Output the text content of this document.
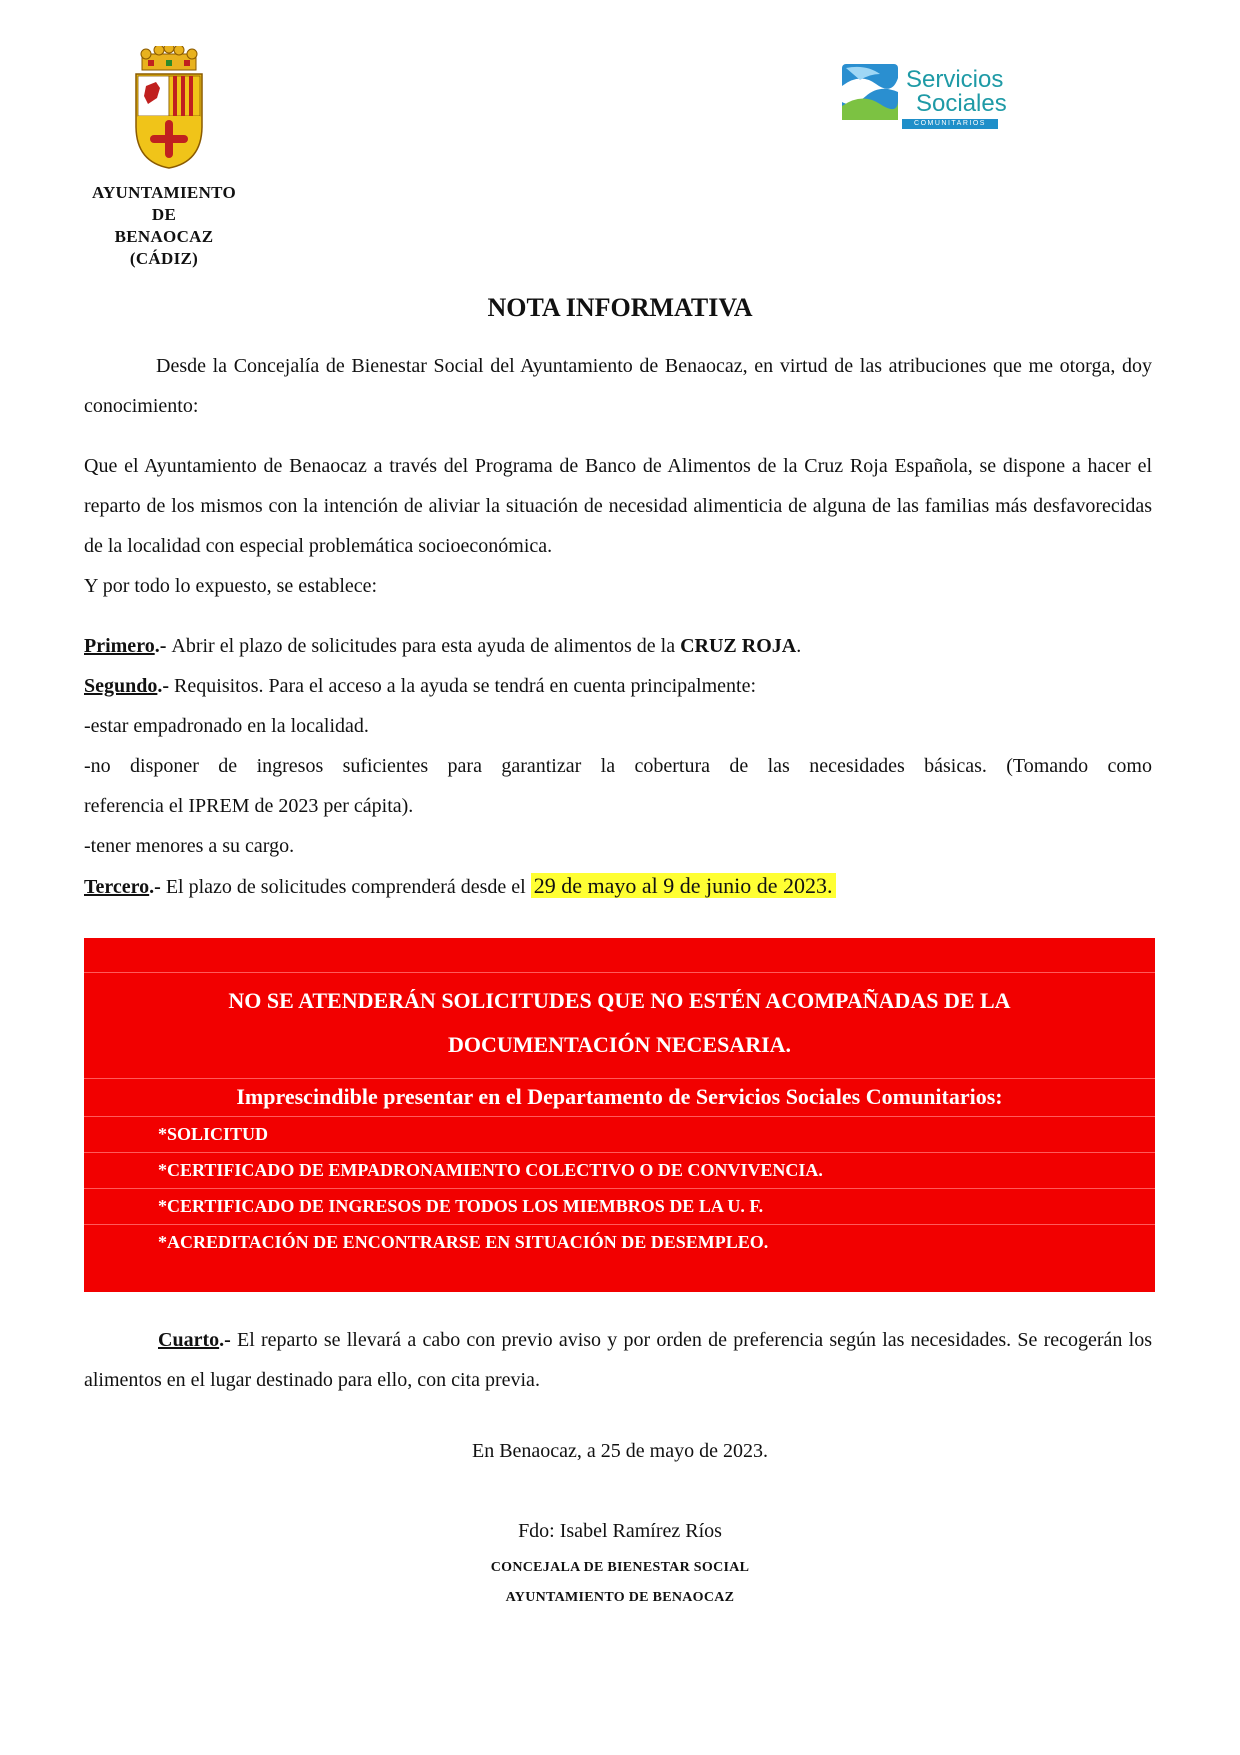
AYUNTAMIENTO
DE
BENAOCAZ
(CÁDIZ)
Servicios
Sociales
COMUNITARIOS
NOTA INFORMATIVA
Desde la Concejalía de Bienestar Social del Ayuntamiento de Benaocaz, en virtud de las atribuciones que me otorga, doy conocimiento:
Que el Ayuntamiento de Benaocaz a través del Programa de Banco de Alimentos de la Cruz Roja Española, se dispone a hacer el reparto de los mismos con la intención de aliviar la situación de necesidad alimenticia de alguna de las familias más desfavorecidas de la localidad con especial problemática socioeconómica.
Y por todo lo expuesto, se establece:
Primero.- Abrir el plazo de solicitudes para esta ayuda de alimentos de la CRUZ ROJA.
Segundo.- Requisitos. Para el acceso a la ayuda se tendrá en cuenta principalmente:
-estar empadronado en la localidad.
-no disponer de ingresos suficientes para garantizar la cobertura de las necesidades básicas. (Tomando como
referencia el IPREM de 2023 per cápita).
-tener menores a su cargo.
Tercero.- El plazo de solicitudes comprenderá desde el 29 de mayo al 9 de junio de 2023.
NO SE ATENDERÁN SOLICITUDES QUE NO ESTÉN ACOMPAÑADAS DE LA
DOCUMENTACIÓN NECESARIA.
Imprescindible presentar en el Departamento de Servicios Sociales Comunitarios:
*SOLICITUD
*CERTIFICADO DE EMPADRONAMIENTO COLECTIVO O DE CONVIVENCIA.
*CERTIFICADO DE INGRESOS DE TODOS LOS MIEMBROS DE LA U. F.
*ACREDITACIÓN DE ENCONTRARSE EN SITUACIÓN DE DESEMPLEO.
Cuarto.- El reparto se llevará a cabo con previo aviso y por orden de preferencia según las necesidades. Se recogerán los alimentos en el lugar destinado para ello, con cita previa.
En Benaocaz, a 25 de mayo de 2023.
Fdo: Isabel Ramírez Ríos
CONCEJALA DE BIENESTAR SOCIAL
AYUNTAMIENTO DE BENAOCAZ
